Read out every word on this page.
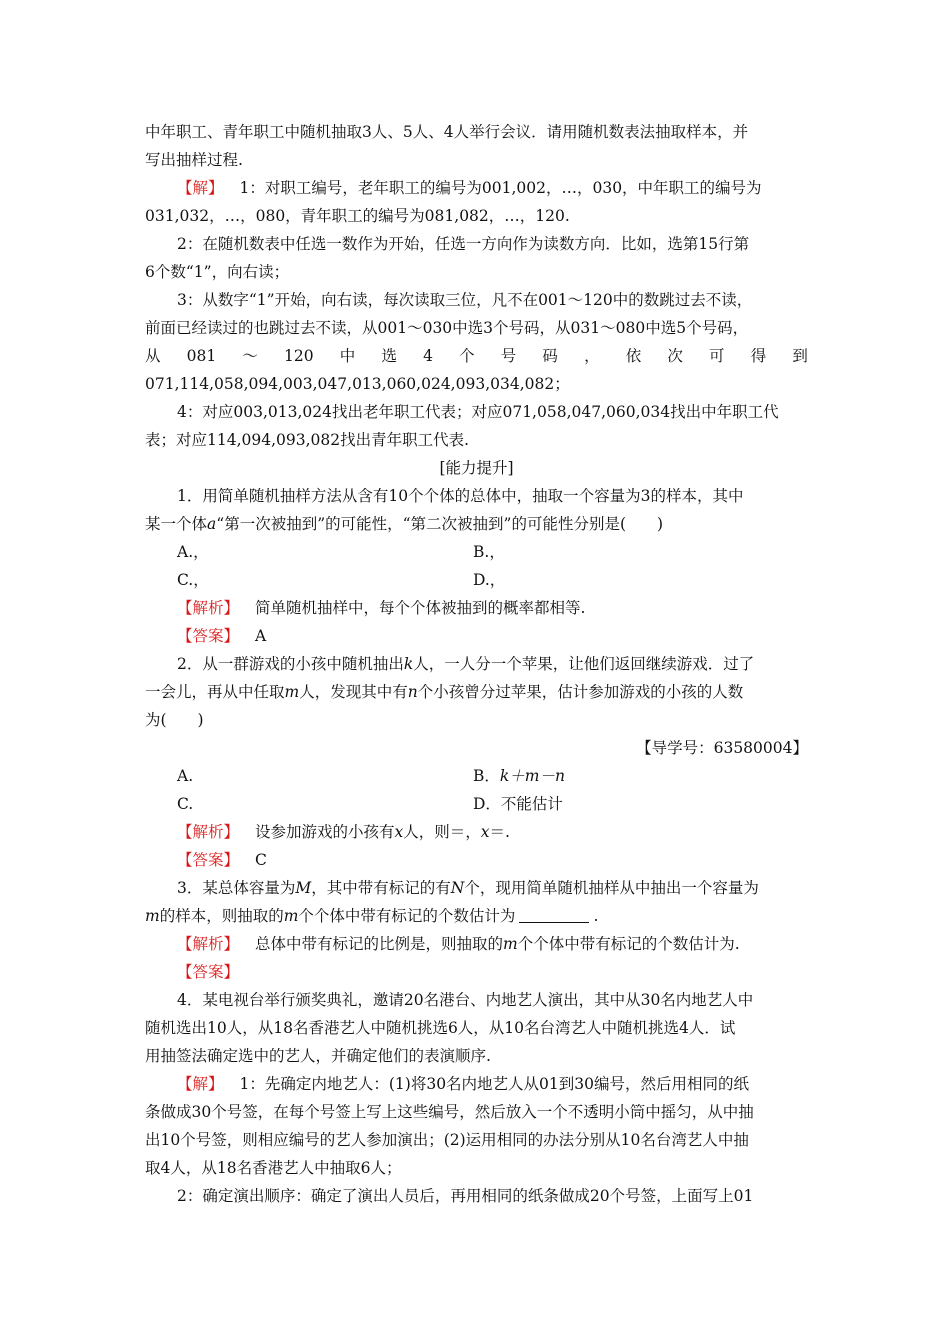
中年职工、青年职工中随机抽取3人、5人、4人举行会议．请用随机数表法抽取样本，并
写出抽样过程.
【解】 1：对职工编号，老年职工的编号为001,002，…，030，中年职工的编号为
031,032，…，080，青年职工的编号为081,082，…，120.
2：在随机数表中任选一数作为开始，任选一方向作为读数方向．比如，选第15行第
6个数“1”，向右读；
3：从数字“1”开始，向右读，每次读取三位，凡不在001～120中的数跳过去不读，
前面已经读过的也跳过去不读，从001～030中选3个号码，从031～080中选5个号码，
从 081 ～ 120 中 选 4 个 号 码 ， 依 次 可 得 到
071,114,058,094,003,047,013,060,024,093,034,082；
4：对应003,013,024找出老年职工代表；对应071,058,047,060,034找出中年职工代
表；对应114,094,093,082找出青年职工代表.
[能力提升]
1．用简单随机抽样方法从含有10个个体的总体中，抽取一个容量为3的样本，其中
某一个体a“第一次被抽到”的可能性，“第二次被抽到”的可能性分别是(　　)
A.，	B.，
C.，	D.，
【解析】 简单随机抽样中，每个个体被抽到的概率都相等.
【答案】 A
2．从一群游戏的小孩中随机抽出k人，一人分一个苹果，让他们返回继续游戏．过了
一会儿，再从中任取m人，发现其中有n个小孩曾分过苹果，估计参加游戏的小孩的人数
为(　　)
【导学号：63580004】
A.	B．k＋m－n
C.	D．不能估计
【解析】 设参加游戏的小孩有x人，则＝，x＝.
【答案】 C
3．某总体容量为M，其中带有标记的有N个，现用简单随机抽样从中抽出一个容量为
m的样本，则抽取的m个个体中带有标记的个数估计为	.
【解析】 总体中带有标记的比例是，则抽取的m个个体中带有标记的个数估计为.
【答案】
4．某电视台举行颁奖典礼，邀请20名港台、内地艺人演出，其中从30名内地艺人中
随机选出10人，从18名香港艺人中随机挑选6人，从10名台湾艺人中随机挑选4人．试
用抽签法确定选中的艺人，并确定他们的表演顺序.
【解】 1：先确定内地艺人：(1)将30名内地艺人从01到30编号，然后用相同的纸
条做成30个号签，在每个号签上写上这些编号，然后放入一个不透明小筒中摇匀，从中抽
出10个号签，则相应编号的艺人参加演出；(2)运用相同的办法分别从10名台湾艺人中抽
取4人，从18名香港艺人中抽取6人；
2：确定演出顺序：确定了演出人员后，再用相同的纸条做成20个号签，上面写上01
